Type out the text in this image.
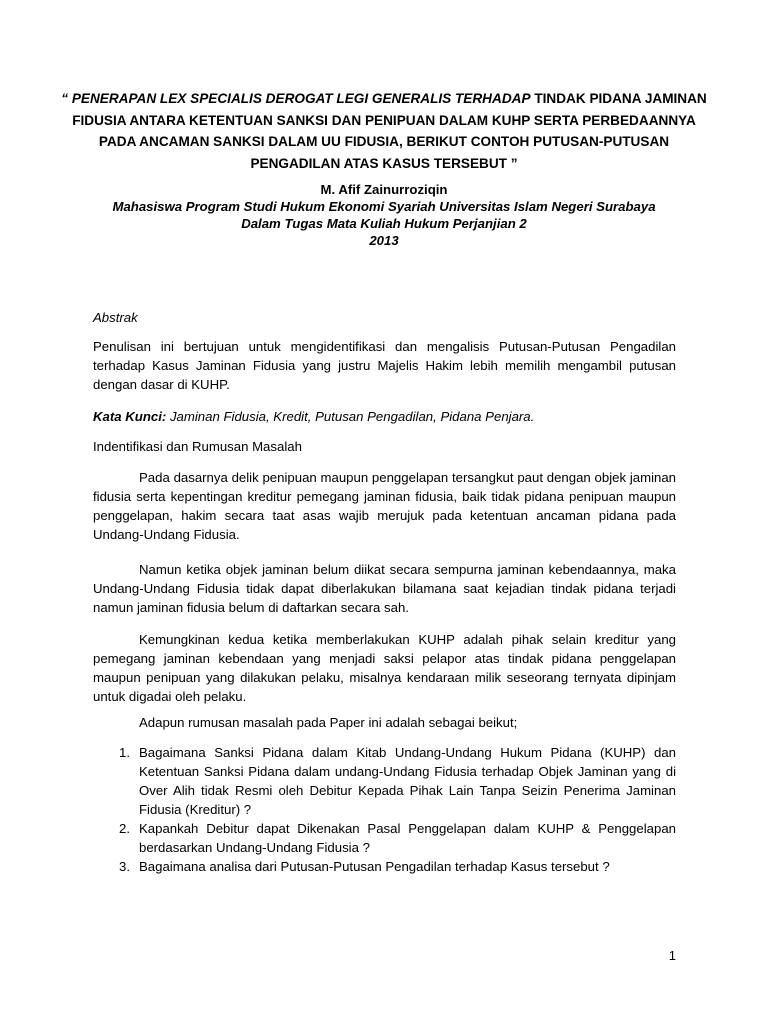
“ PENERAPAN LEX SPECIALIS DEROGAT LEGI GENERALIS TERHADAP TINDAK PIDANA JAMINAN FIDUSIA ANTARA KETENTUAN SANKSI DAN PENIPUAN DALAM KUHP SERTA PERBEDAANNYA PADA ANCAMAN SANKSI DALAM UU FIDUSIA, BERIKUT CONTOH PUTUSAN-PUTUSAN PENGADILAN ATAS KASUS TERSEBUT ”
M. Afif Zainurroziqin
Mahasiswa Program Studi Hukum Ekonomi Syariah Universitas Islam Negeri Surabaya
Dalam Tugas Mata Kuliah Hukum Perjanjian 2
2013
Abstrak
Penulisan ini bertujuan untuk mengidentifikasi dan mengalisis Putusan-Putusan Pengadilan terhadap Kasus Jaminan Fidusia yang justru Majelis Hakim lebih memilih mengambil putusan dengan dasar di KUHP.
Kata Kunci: Jaminan Fidusia, Kredit, Putusan Pengadilan, Pidana Penjara.
Indentifikasi dan Rumusan Masalah
Pada dasarnya delik penipuan maupun penggelapan tersangkut paut dengan objek jaminan fidusia serta kepentingan kreditur pemegang jaminan fidusia, baik tidak pidana penipuan maupun penggelapan, hakim secara taat asas wajib merujuk pada ketentuan ancaman pidana pada Undang-Undang Fidusia.
Namun ketika objek jaminan belum diikat secara sempurna jaminan kebendaannya, maka Undang-Undang Fidusia tidak dapat diberlakukan bilamana saat kejadian tindak pidana terjadi namun jaminan fidusia belum di daftarkan secara sah.
Kemungkinan kedua ketika memberlakukan KUHP adalah pihak selain kreditur yang pemegang jaminan kebendaan yang menjadi saksi pelapor atas tindak pidana penggelapan maupun penipuan yang dilakukan pelaku, misalnya kendaraan milik seseorang ternyata dipinjam untuk digadai oleh pelaku.
Adapun rumusan masalah pada Paper ini adalah sebagai beikut;
1. Bagaimana Sanksi Pidana dalam Kitab Undang-Undang Hukum Pidana (KUHP) dan Ketentuan Sanksi Pidana dalam undang-Undang Fidusia terhadap Objek Jaminan yang di Over Alih tidak Resmi oleh Debitur Kepada Pihak Lain Tanpa Seizin Penerima Jaminan Fidusia (Kreditur) ?
2. Kapankah Debitur dapat Dikenakan Pasal Penggelapan dalam KUHP & Penggelapan berdasarkan Undang-Undang Fidusia ?
3. Bagaimana analisa dari Putusan-Putusan Pengadilan terhadap Kasus tersebut ?
1
